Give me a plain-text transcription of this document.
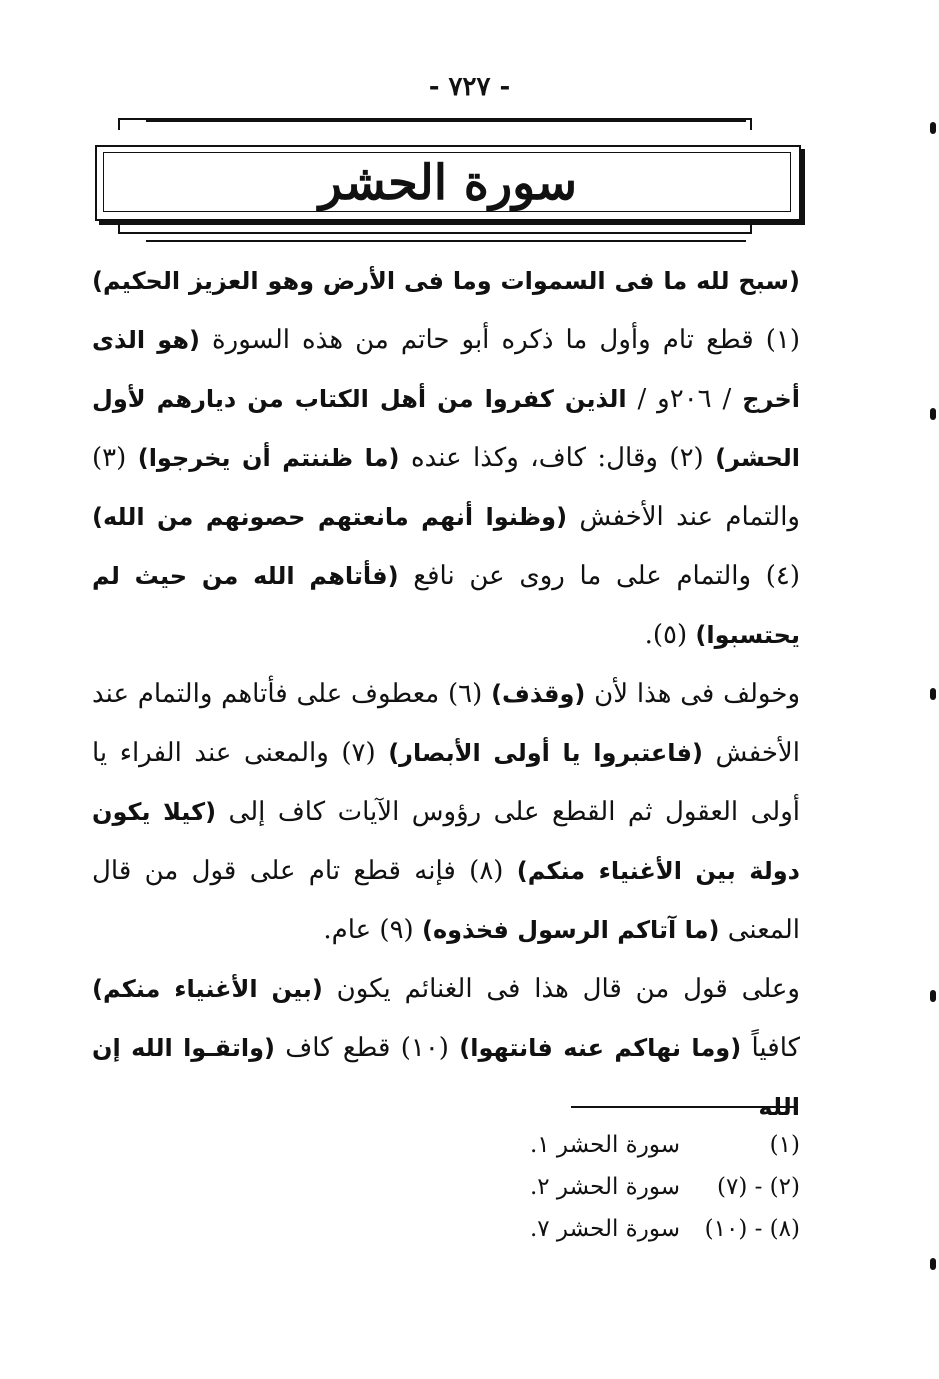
- ٧٢٧ -
سورة الحشر

(سبح لله ما فى السموات وما فى الأرض وهو العزيز الحكيم) (١) قطع تام وأول ما ذكره أبو حاتم من هذه السورة (هو الذى أخرج / ٢٠٦و / الذين كفروا من أهل الكتاب من ديارهم لأول الحشر) (٢) وقال: كاف، وكذا عنده (ما ظننتم أن يخرجوا) (٣) والتمام عند الأخفش (وظنوا أنهم مانعتهم حصونهم من الله) (٤) والتمام على ما روى عن نافع (فأتاهم الله من حيث لم يحتسبوا) (٥).

وخولف فى هذا لأن (وقذف) (٦) معطوف على فأتاهم والتمام عند الأخفش (فاعتبروا يا أولى الأبصار) (٧) والمعنى عند الفراء يا أولى العقول ثم القطع على رؤوس الآيات كاف إلى (كيلا يكون دولة بين الأغنياء منكم) (٨) فإنه قطع تام على قول من قال المعنى (ما آتاكم الرسول فخذوه) (٩) عام.

وعلى قول من قال هذا فى الغنائم يكون (بين الأغنياء منكم) كافياً (وما نهاكم عنه فانتهوا) (١٠) قطع كاف (واتقـوا الله إن الله

(١)
سورة الحشر ١.
(٢) - (٧)
سورة الحشر ٢.
(٨) - (١٠)
سورة الحشر ٧.
